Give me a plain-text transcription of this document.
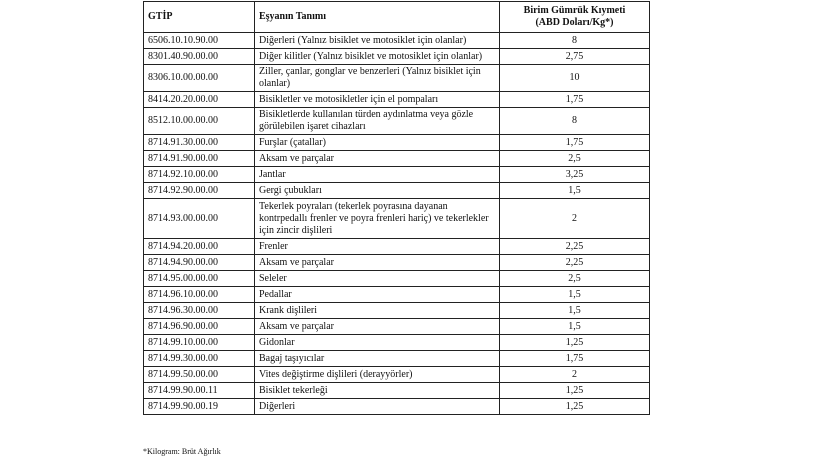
GTİP	Eşyanın Tanımı	Birim Gümrük Kıymeti
(ABD Doları/Kg*)

6506.10.10.90.00	Diğerleri (Yalnız bisiklet ve motosiklet için olanlar)	8
8301.40.90.00.00	Diğer kilitler (Yalnız bisiklet ve motosiklet için olanlar)	2,75
8306.10.00.00.00	Ziller, çanlar, gonglar ve benzerleri (Yalnız bisiklet için olanlar)	10
8414.20.20.00.00	Bisikletler ve motosikletler için el pompaları	1,75
8512.10.00.00.00	Bisikletlerde kullanılan türden aydınlatma veya gözle görülebilen işaret cihazları	8
8714.91.30.00.00	Furşlar (çatallar)	1,75
8714.91.90.00.00	Aksam ve parçalar	2,5
8714.92.10.00.00	Jantlar	3,25
8714.92.90.00.00	Gergi çubukları	1,5
8714.93.00.00.00	Tekerlek poyraları (tekerlek poyrasına dayanan kontrpedallı frenler ve poyra frenleri hariç) ve tekerlekler için zincir dişlileri	2
8714.94.20.00.00	Frenler	2,25
8714.94.90.00.00	Aksam ve parçalar	2,25
8714.95.00.00.00	Seleler	2,5
8714.96.10.00.00	Pedallar	1,5
8714.96.30.00.00	Krank dişlileri	1,5
8714.96.90.00.00	Aksam ve parçalar	1,5
8714.99.10.00.00	Gidonlar	1,25
8714.99.30.00.00	Bagaj taşıyıcılar	1,75
8714.99.50.00.00	Vites değiştirme dişlileri (derayyörler)	2
8714.99.90.00.11	Bisiklet tekerleği	1,25
8714.99.90.00.19	Diğerleri	1,25
*Kilogram: Brüt Ağırlık
